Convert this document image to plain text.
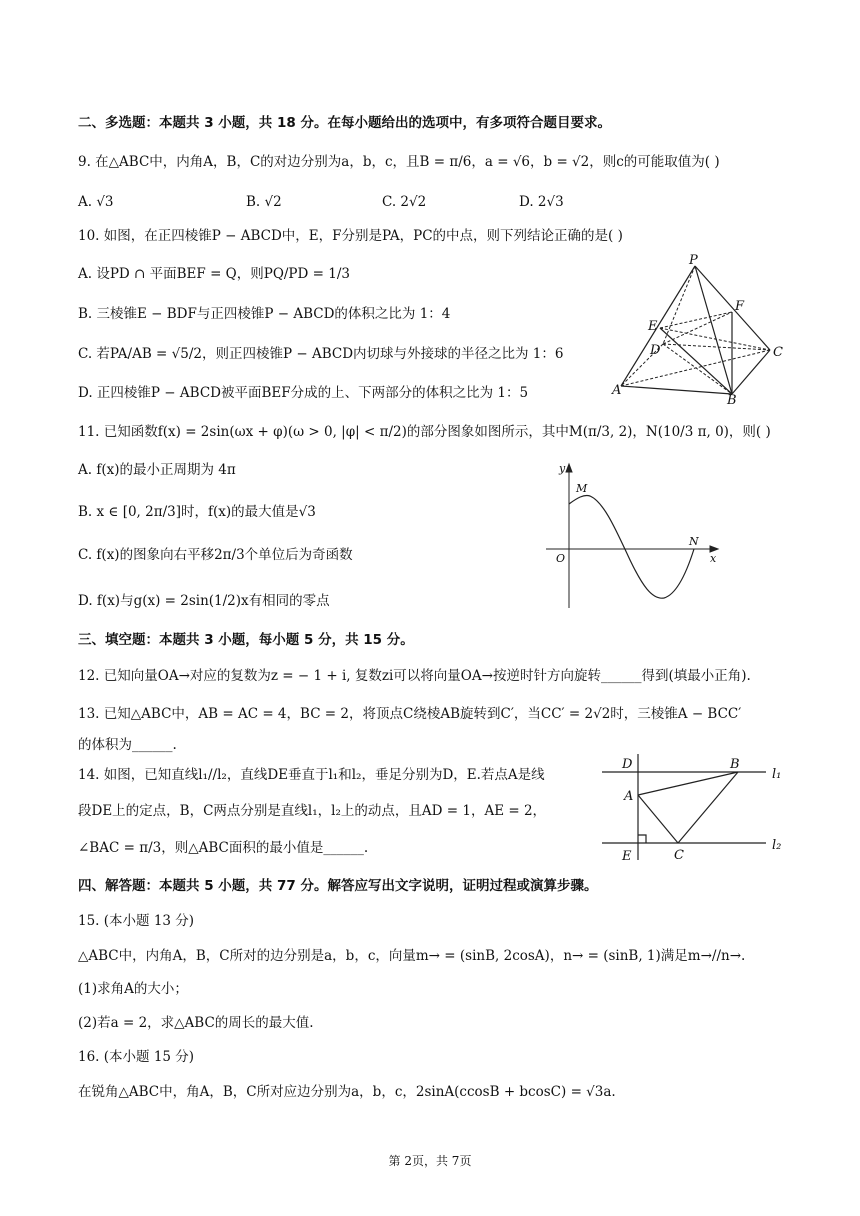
二、多选题：本题共 3 小题，共 18 分。在每小题给出的选项中，有多项符合题目要求。
9. 在△ABC中，内角A，B，C的对边分别为a，b，c，且B = π/6，a = √6，b = √2，则c的可能取值为( )
A. √3	B. √2	C. 2√2	D. 2√3
10. 如图，在正四棱锥P − ABCD中，E，F分别是PA，PC的中点，则下列结论正确的是( )
A. 设PD ∩ 平面BEF = Q，则PQ/PD = 1/3
B. 三棱锥E − BDF与正四棱锥P − ABCD的体积之比为 1：4
C. 若PA/AB = √5/2，则正四棱锥P − ABCD内切球与外接球的半径之比为 1：6
D. 正四棱锥P − ABCD被平面BEF分成的上、下两部分的体积之比为 1：5
P
F
E
D	C
A
B
11. 已知函数f(x) = 2sin(ωx + φ)(ω > 0, |φ| < π/2)的部分图象如图所示，其中M(π/3, 2)，N(10/3 π, 0)，则( )
A. f(x)的最小正周期为 4π
B. x ∈ [0, 2π/3]时，f(x)的最大值是√3
C. f(x)的图象向右平移2π/3个单位后为奇函数
D. f(x)与g(x) = 2sin(1/2)x有相同的零点
y
M
O
N
x
三、填空题：本题共 3 小题，每小题 5 分，共 15 分。
12. 已知向量OA→对应的复数为z = − 1 + i, 复数zi可以将向量OA→按逆时针方向旋转______得到(填最小正角).
13. 已知△ABC中，AB = AC = 4，BC = 2，将顶点C绕棱AB旋转到C′，当CC′ = 2√2时，三棱锥A − BCC′
的体积为______.
14. 如图，已知直线l₁//l₂，直线DE垂直于l₁和l₂，垂足分别为D，E.若点A是线
段DE上的定点，B，C两点分别是直线l₁，l₂上的动点，且AD = 1，AE = 2，
∠BAC = π/3，则△ABC面积的最小值是______.
D	B
l₁
A
E	C
l₂
四、解答题：本题共 5 小题，共 77 分。解答应写出文字说明，证明过程或演算步骤。
15. (本小题 13 分)
△ABC中，内角A，B，C所对的边分别是a，b，c，向量m→ = (sinB, 2cosA)，n→ = (sinB, 1)满足m→//n→.
(1)求角A的大小；
(2)若a = 2，求△ABC的周长的最大值.
16. (本小题 15 分)
在锐角△ABC中，角A，B，C所对应边分别为a，b，c，2sinA(ccosB + bcosC) = √3a.
第 2页，共 7页
